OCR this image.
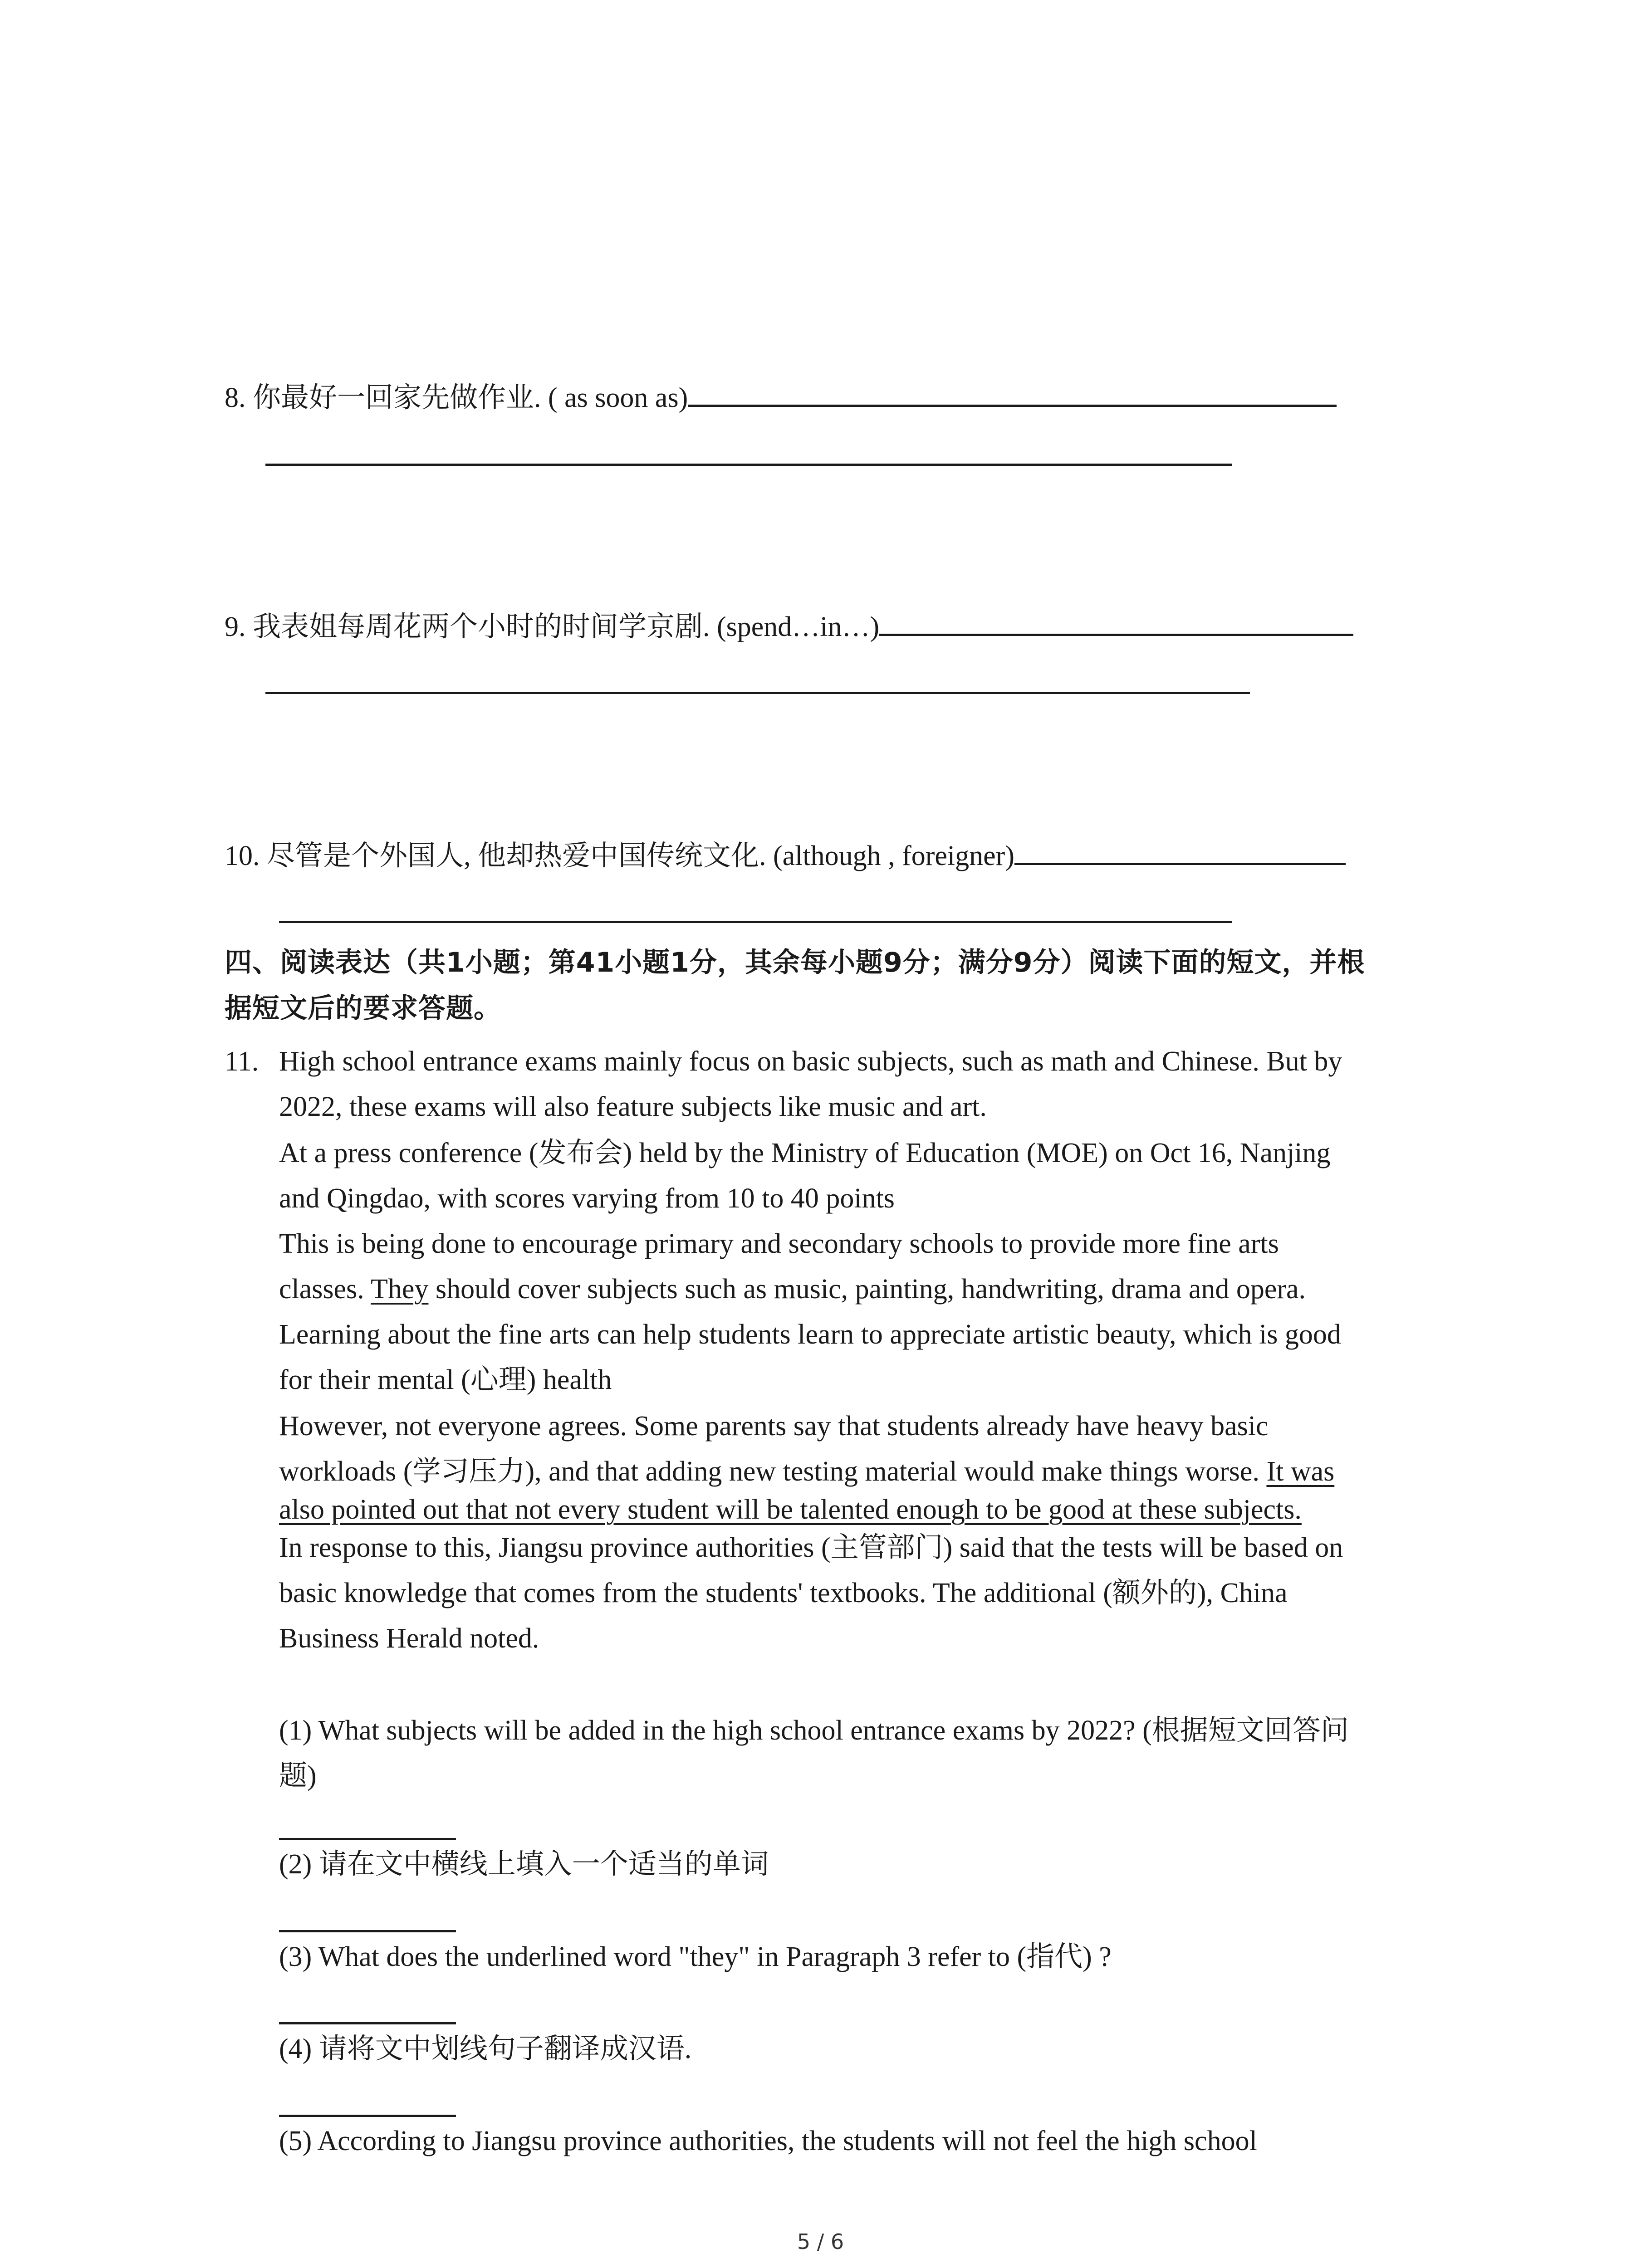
8. 你最好一回家先做作业. ( as soon as)
9. 我表姐每周花两个小时的时间学京剧. (spend…in…)
10. 尽管是个外国人, 他却热爱中国传统文化. (although , foreigner)
四、阅读表达（共1小题；第41小题1分，其余每小题9分；满分9分）阅读下面的短文，并根
据短文后的要求答题。
11. High school entrance exams mainly focus on basic subjects, such as math and Chinese. But by
2022, these exams will also feature subjects like music and art.
At a press conference (发布会) held by the Ministry of Education (MOE) on Oct 16, Nanjing
and Qingdao, with scores varying from 10 to 40 points
This is being done to encourage primary and secondary schools to provide more fine arts
classes. They should cover subjects such as music, painting, handwriting, drama and opera.
Learning about the fine arts can help students learn to appreciate artistic beauty, which is good
for their mental (心理) health
However, not everyone agrees. Some parents say that students already have heavy basic
workloads (学习压力), and that adding new testing material would make things worse. It was
also pointed out that not every student will be talented enough to be good at these subjects.
In response to this, Jiangsu province authorities (主管部门) said that the tests will be based on
basic knowledge that comes from the students' textbooks. The additional (额外的), China
Business Herald noted.
(1) What subjects will be added in the high school entrance exams by 2022? (根据短文回答问
题)
(2) 请在文中横线上填入一个适当的单词
(3) What does the underlined word "they" in Paragraph 3 refer to (指代) ?
(4) 请将文中划线句子翻译成汉语.
(5) According to Jiangsu province authorities, the students will not feel the high school
5 / 6
